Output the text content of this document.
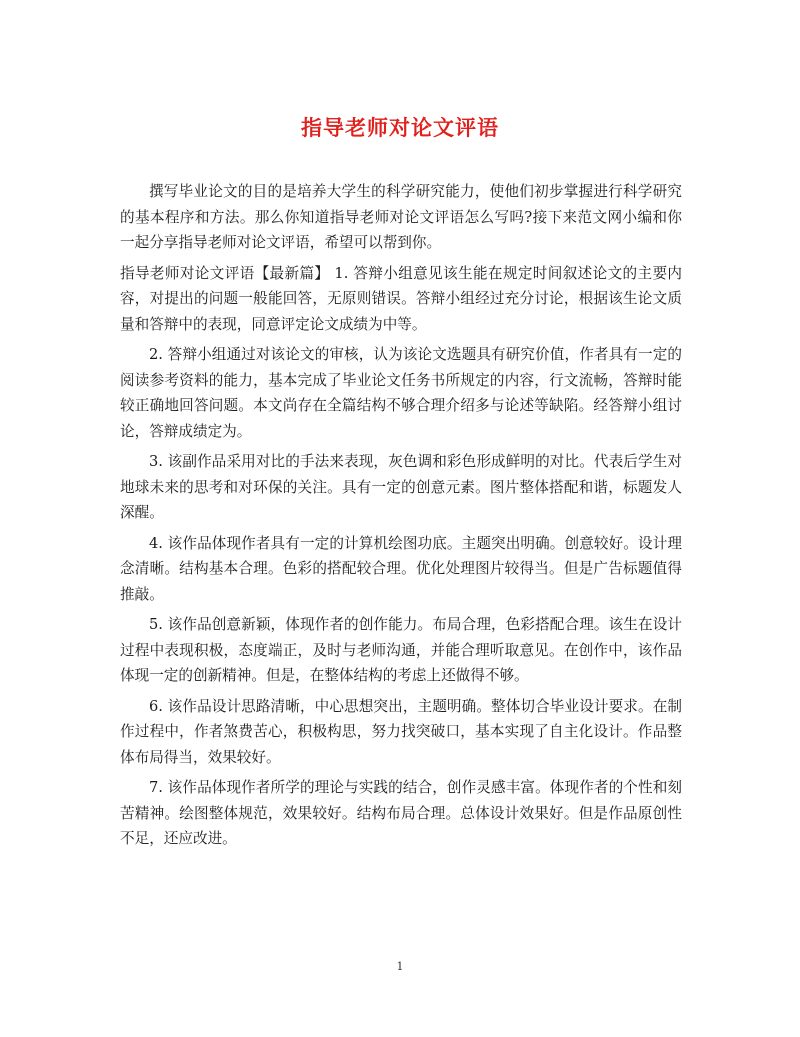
指导老师对论文评语

撰写毕业论文的目的是培养大学生的科学研究能力，使他们初步掌握进行科学研究的基本程序和方法。那么你知道指导老师对论文评语怎么写吗?接下来范文网小编和你一起分享指导老师对论文评语，希望可以帮到你。

指导老师对论文评语【最新篇】 1. 答辩小组意见该生能在规定时间叙述论文的主要内容，对提出的问题一般能回答，无原则错误。答辩小组经过充分讨论，根据该生论文质量和答辩中的表现，同意评定论文成绩为中等。

2. 答辩小组通过对该论文的审核，认为该论文选题具有研究价值，作者具有一定的阅读参考资料的能力，基本完成了毕业论文任务书所规定的内容，行文流畅，答辩时能较正确地回答问题。本文尚存在全篇结构不够合理介绍多与论述等缺陷。经答辩小组讨论，答辩成绩定为。

3. 该副作品采用对比的手法来表现，灰色调和彩色形成鲜明的对比。代表后学生对地球未来的思考和对环保的关注。具有一定的创意元素。图片整体搭配和谐，标题发人深醒。

4. 该作品体现作者具有一定的计算机绘图功底。主题突出明确。创意较好。设计理念清晰。结构基本合理。色彩的搭配较合理。优化处理图片较得当。但是广告标题值得推敲。

5. 该作品创意新颖，体现作者的创作能力。布局合理，色彩搭配合理。该生在设计过程中表现积极，态度端正，及时与老师沟通，并能合理听取意见。在创作中，该作品体现一定的创新精神。但是，在整体结构的考虑上还做得不够。

6. 该作品设计思路清晰，中心思想突出，主题明确。整体切合毕业设计要求。在制作过程中，作者煞费苦心，积极构思，努力找突破口，基本实现了自主化设计。作品整体布局得当，效果较好。

7. 该作品体现作者所学的理论与实践的结合，创作灵感丰富。体现作者的个性和刻苦精神。绘图整体规范，效果较好。结构布局合理。总体设计效果好。但是作品原创性不足，还应改进。

1
